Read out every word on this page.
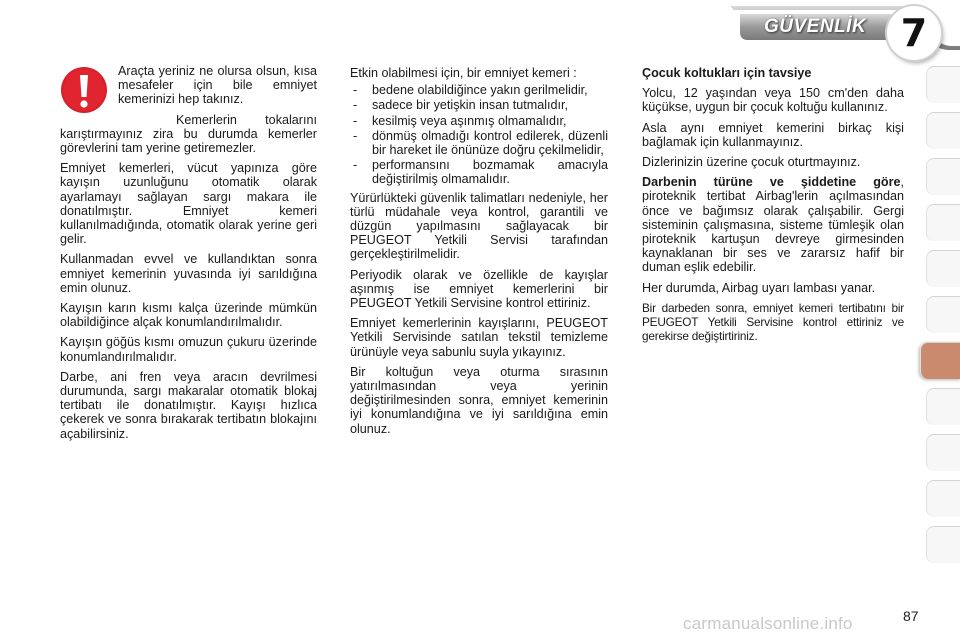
GÜVENLİK 7

Araçta yeriniz ne olursa olsun, kısa mesafeler için bile emniyet kemerinizi hep takınız.

Kemerlerin tokalarını karıştırmayınız zira bu durumda kemerler görevlerini tam yerine getiremezler.

Emniyet kemerleri, vücut yapınıza göre kayışın uzunluğunu otomatik olarak ayarlamayı sağlayan sargı makara ile donatılmıştır. Emniyet kemeri kullanılmadığında, otomatik olarak yerine geri gelir.

Kullanmadan evvel ve kullandıktan sonra emniyet kemerinin yuvasında iyi sarıldığına emin olunuz.

Kayışın karın kısmı kalça üzerinde mümkün olabildiğince alçak konumlandırılmalıdır.

Kayışın göğüs kısmı omuzun çukuru üzerinde konumlandırılmalıdır.

Darbe, ani fren veya aracın devrilmesi durumunda, sargı makaralar otomatik blokaj tertibatı ile donatılmıştır. Kayışı hızlıca çekerek ve sonra bırakarak tertibatın blokajını açabilirsiniz.

Etkin olabilmesi için, bir emniyet kemeri :

- bedene olabildiğince yakın gerilmelidir,
- sadece bir yetişkin insan tutmalıdır,
- kesilmiş veya aşınmış olmamalıdır,
- dönmüş olmadığı kontrol edilerek, düzenli bir hareket ile önünüze doğru çekilmelidir,
- performansını bozmamak amacıyla değiştirilmiş olmamalıdır.

Yürürlükteki güvenlik talimatları nedeniyle, her türlü müdahale veya kontrol, garantili ve düzgün yapılmasını sağlayacak bir PEUGEOT Yetkili Servisi tarafından gerçekleştirilmelidir.

Periyodik olarak ve özellikle de kayışlar aşınmış ise emniyet kemerlerini bir PEUGEOT Yetkili Servisine kontrol ettiriniz.

Emniyet kemerlerinin kayışlarını, PEUGEOT Yetkili Servisinde satılan tekstil temizleme ürünüyle veya sabunlu suyla yıkayınız.

Bir koltuğun veya oturma sırasının yatırılmasından veya yerinin değiştirilmesinden sonra, emniyet kemerinin iyi konumlandığına ve iyi sarıldığına emin olunuz.

Çocuk koltukları için tavsiye

Yolcu, 12 yaşından veya 150 cm'den daha küçükse, uygun bir çocuk koltuğu kullanınız.

Asla aynı emniyet kemerini birkaç kişi bağlamak için kullanmayınız.

Dizlerinizin üzerine çocuk oturtmayınız.

Darbenin türüne ve şiddetine göre, piroteknik tertibat Airbag'lerin açılmasından önce ve bağımsız olarak çalışabilir. Gergi sisteminin çalışmasına, sisteme tümleşik olan piroteknik kartuşun devreye girmesinden kaynaklanan bir ses ve zararsız hafif bir duman eşlik edebilir.

Her durumda, Airbag uyarı lambası yanar.

Bir darbeden sonra, emniyet kemeri tertibatını bir PEUGEOT Yetkili Servisine kontrol ettiriniz ve gerekirse değiştirtiriniz.

carmanualsonline.info	87
